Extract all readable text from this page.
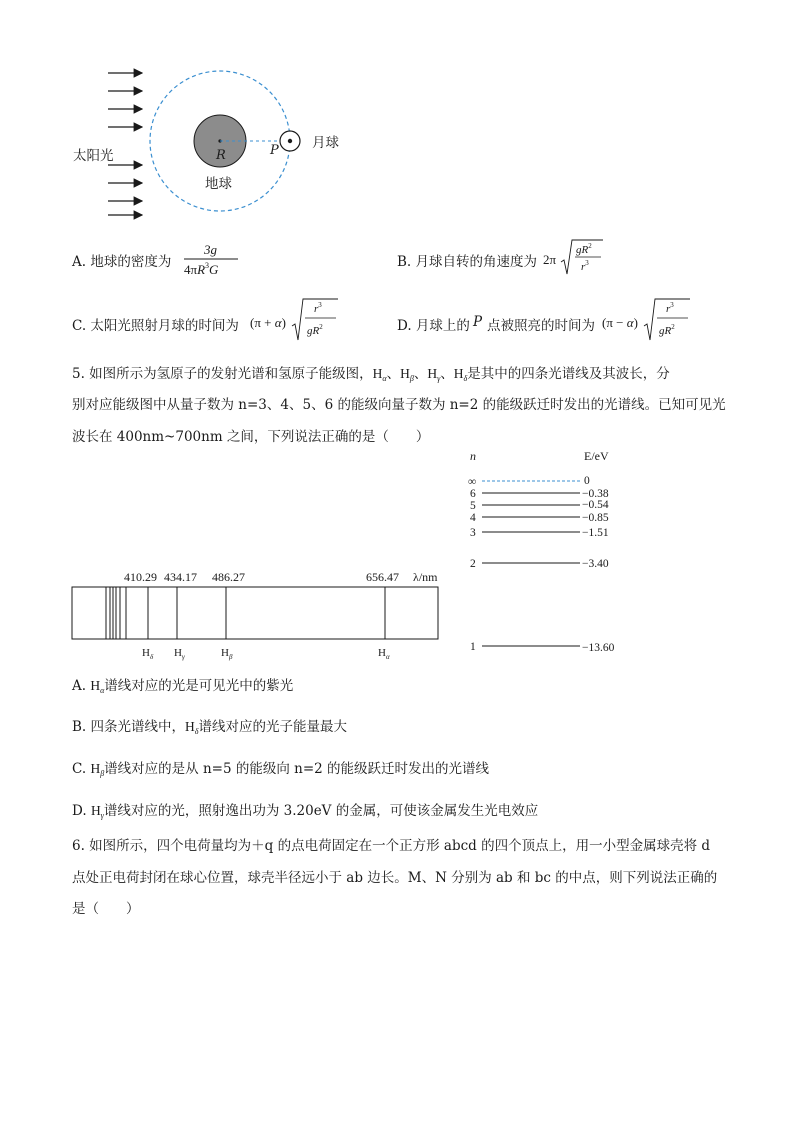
太阳光	R
地球
P 月球
A. 地球的密度为
3g
$4\pi R^3G$	B. 月球自转的角速度为 2π
$gR^2$
$r^3$
C. 太阳光照射月球的时间为 (π + α)
$r^3$
$gR^2$	D. 月球上的 P 点被照亮的时间为 (π − α)
$r^3$
$gR^2$
5. 如图所示为氢原子的发射光谱和氢原子能级图，$H_\alpha$、$H_\beta$、$H_\gamma$、$H_\delta$是其中的四条光谱线及其波长，分
别对应能级图中从量子数为 n=3、4、5、6 的能级向量子数为 n=2 的能级跃迁时发出的光谱线。已知可见光
波长在 400nm~700nm 之间，下列说法正确的是（　　）
410.29 434.17 486.27	656.47 λ/nm
$H_\delta$ $H_\gamma$	$H_\beta$	$H_\alpha$
n	E/eV
∞
6
5
4
3
2
1
0
−0.38
−0.54
−0.85
−1.51
−3.40
−13.60
A. $H_\alpha$谱线对应的光是可见光中的紫光
B. 四条光谱线中，$H_\delta$谱线对应的光子能量最大
C. $H_\beta$谱线对应的是从 n=5 的能级向 n=2 的能级跃迁时发出的光谱线
D. $H_\gamma$谱线对应的光，照射逸出功为 3.20eV 的金属，可使该金属发生光电效应
6. 如图所示，四个电荷量均为＋q 的点电荷固定在一个正方形 abcd 的四个顶点上，用一小型金属球壳将 d
点处正电荷封闭在球心位置，球壳半径远小于 ab 边长。M、N 分别为 ab 和 bc 的中点，则下列说法正确的
是（　　）
